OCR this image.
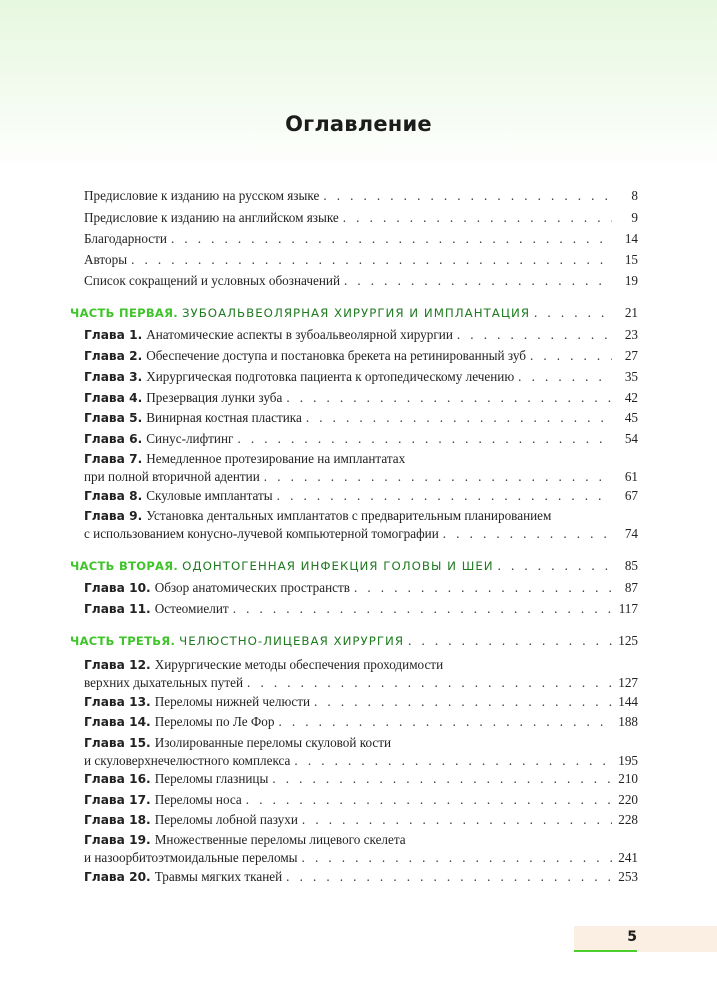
Оглавление
Предисловие к изданию на русском языке . . .	8
Предисловие к изданию на английском языке . . .	9
Благодарности . . .	14
Авторы . . .	15
Список сокращений и условных обозначений . . .	19
ЧАСТЬ ПЕРВАЯ. ЗУБОАЛЬВЕОЛЯРНАЯ ХИРУРГИЯ И ИМПЛАНТАЦИЯ . . .	21
Глава 1. Анатомические аспекты в зубоальвеолярной хирургии . . .	23
Глава 2. Обеспечение доступа и постановка брекета на ретинированный зуб . . .	27
Глава 3. Хирургическая подготовка пациента к ортопедическому лечению . . .	35
Глава 4. Презервация лунки зуба . . .	42
Глава 5. Винирная костная пластика . . .	45
Глава 6. Синус-лифтинг . . .	54
Глава 7. Немедленное протезирование на имплантатах
при полной вторичной адентии . . .	61
Глава 8. Скуловые имплантаты . . .	67
Глава 9. Установка дентальных имплантатов с предварительным планированием
с использованием конусно-лучевой компьютерной томографии . . .	74
ЧАСТЬ ВТОРАЯ. ОДОНТОГЕННАЯ ИНФЕКЦИЯ ГОЛОВЫ И ШЕИ . . .	85
Глава 10. Обзор анатомических пространств . . .	87
Глава 11. Остеомиелит . . .	117
ЧАСТЬ ТРЕТЬЯ. ЧЕЛЮСТНО-ЛИЦЕВАЯ ХИРУРГИЯ . . .	125
Глава 12. Хирургические методы обеспечения проходимости
верхних дыхательных путей . . .	127
Глава 13. Переломы нижней челюсти . . .	144
Глава 14. Переломы по Ле Фор . . .	188
Глава 15. Изолированные переломы скуловой кости
и скуловерхнечелюстного комплекса . . .	195
Глава 16. Переломы глазницы . . .	210
Глава 17. Переломы носа . . .	220
Глава 18. Переломы лобной пазухи . . .	228
Глава 19. Множественные переломы лицевого скелета
и назоорбитоэтмоидальные переломы . . .	241
Глава 20. Травмы мягких тканей . . .	253
5
